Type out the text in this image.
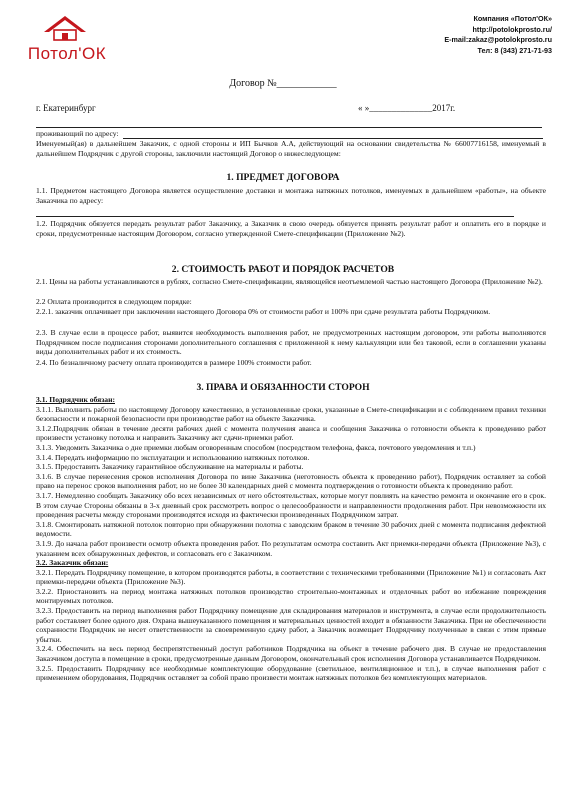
Потол'ОК
Компания «Потол'ОК»
http://potolokprosto.ru/
E-mail:zakaz@potolokprosto.ru
Тел: 8 (343) 271-71-93
Договор №____________
г. Екатеринбург	« »______________2017г.
проживающий по адресу:
Именуемый(ая) в дальнейшем Заказчик, с одной стороны и ИП Бычков А.А, действующий на основании свидетельства № 66007716158, именуемый в дальнейшем Подрядчик с другой стороны, заключили настоящий Договор о нижеследующем:
1. ПРЕДМЕТ ДОГОВОРА
1.1. Предметом настоящего Договора является осуществление доставки и монтажа натяжных потолков, именуемых в дальнейшем «работы», на объекте Заказчика по адресу:
1.2. Подрядчик обязуется передать результат работ Заказчику, а Заказчик в свою очередь обязуется принять результат работ и оплатить его в порядке и сроки, предусмотренные настоящим Договором, согласно утвержденной Смете-спецификации (Приложение №2).
2. СТОИМОСТЬ РАБОТ И ПОРЯДОК РАСЧЕТОВ
2.1. Цены на работы устанавливаются в рублях, согласно Смете-спецификации, являющейся неотъемлемой частью настоящего Договора (Приложение №2).
2.2 Оплата производится в следующем порядке:
2.2.1. заказчик оплачивает при заключении настоящего Договора 0% от стоимости работ и 100% при сдаче результата работы Подрядчиком.
2.3. В случае если в процессе работ, выявится необходимость выполнения работ, не предусмотренных настоящим договором, эти работы выполняются Подрядчиком после подписания сторонами дополнительного соглашения с приложенной к нему калькуляции или без таковой, если в соглашении указаны виды дополнительных работ и их стоимость.
2.4. По безналичному расчету оплата производится в размере 100% стоимости работ.
3. ПРАВА И ОБЯЗАННОСТИ СТОРОН
3.1. Подрядчик обязан:
3.1.1. Выполнить работы по настоящему Договору качественно, в установленные сроки, указанные в Смете-спецификации и с соблюдением правил техники безопасности и пожарной безопасности при производстве работ на объекте Заказчика.
3.1.2.Подрядчик обязан в течение десяти рабочих дней с момента получения аванса и сообщения Заказчика о готовности объекта к проведению работ произвести установку потолка и направить Заказчику акт сдачи-приемки работ.
3.1.3. Уведомить Заказчика о дне приемки любым оговоренным способом (посредством телефона, факса, почтового уведомления и т.п.)
3.1.4. Передать информацию по эксплуатации и использованию натяжных потолков.
3.1.5. Предоставить Заказчику гарантийное обслуживание на материалы и работы.
3.1.6. В случае перенесения сроков исполнения Договора по вине Заказчика (неготовность объекта к проведению работ), Подрядчик оставляет за собой право на перенос сроков выполнения работ, но не более 30 календарных дней с момента подтверждения о готовности объекта к проведению работ.
3.1.7. Немедленно сообщать Заказчику обо всех независимых от него обстоятельствах, которые могут повлиять на качество ремонта и окончание его в срок. В этом случае Стороны обязаны в 3-х дневный срок рассмотреть вопрос о целесообразности и направленности продолжения работ. При невозможности их проведения расчеты между сторонами производятся исходя из фактически произведенных Подрядчиком затрат.
3.1.8. Смонтировать натяжной потолок повторно при обнаружении полотна с заводским браком в течение 30 рабочих дней с момента подписания дефектной ведомости.
3.1.9. До начала работ произвести осмотр объекта проведения работ. По результатам осмотра составить Акт приемки-передачи объекта (Приложение №3), с указанием всех обнаруженных дефектов, и согласовать его с Заказчиком.
3.2. Заказчик обязан:
3.2.1. Передать Подрядчику помещение, в котором производятся работы, в соответствии с техническими требованиями (Приложение №1) и согласовать Акт приемки-передачи объекта (Приложение №3).
3.2.2. Приостановить на период монтажа натяжных потолков производство строительно-монтажных и отделочных работ во избежание повреждения монтируемых потолков.
3.2.3. Предоставить на период выполнения работ Подрядчику помещение для складирования материалов и инструмента, в случае если продолжительность работ составляет более одного дня. Охрана вышеуказанного помещения и материальных ценностей входит в обязанности Заказчика. При не обеспеченности сохранности Подрядчик не несет ответственности за своевременную сдачу работ, а Заказчик возмещает Подрядчику полученные в связи с этим прямые убытки.
3.2.4. Обеспечить на весь период беспрепятственный доступ работников Подрядчика на объект в течение рабочего дня. В случае не предоставления Заказчиком доступа в помещение в сроки, предусмотренные данным Договором, окончательный срок исполнения Договора устанавливается Подрядчиком.
3.2.5. Предоставить Подрядчику все необходимые комплектующие оборудование (светильное, вентиляционное и т.п.), в случае выполнения работ с применением оборудования, Подрядчик оставляет за собой право произвести монтаж натяжных потолков без комплектующих материалов.
